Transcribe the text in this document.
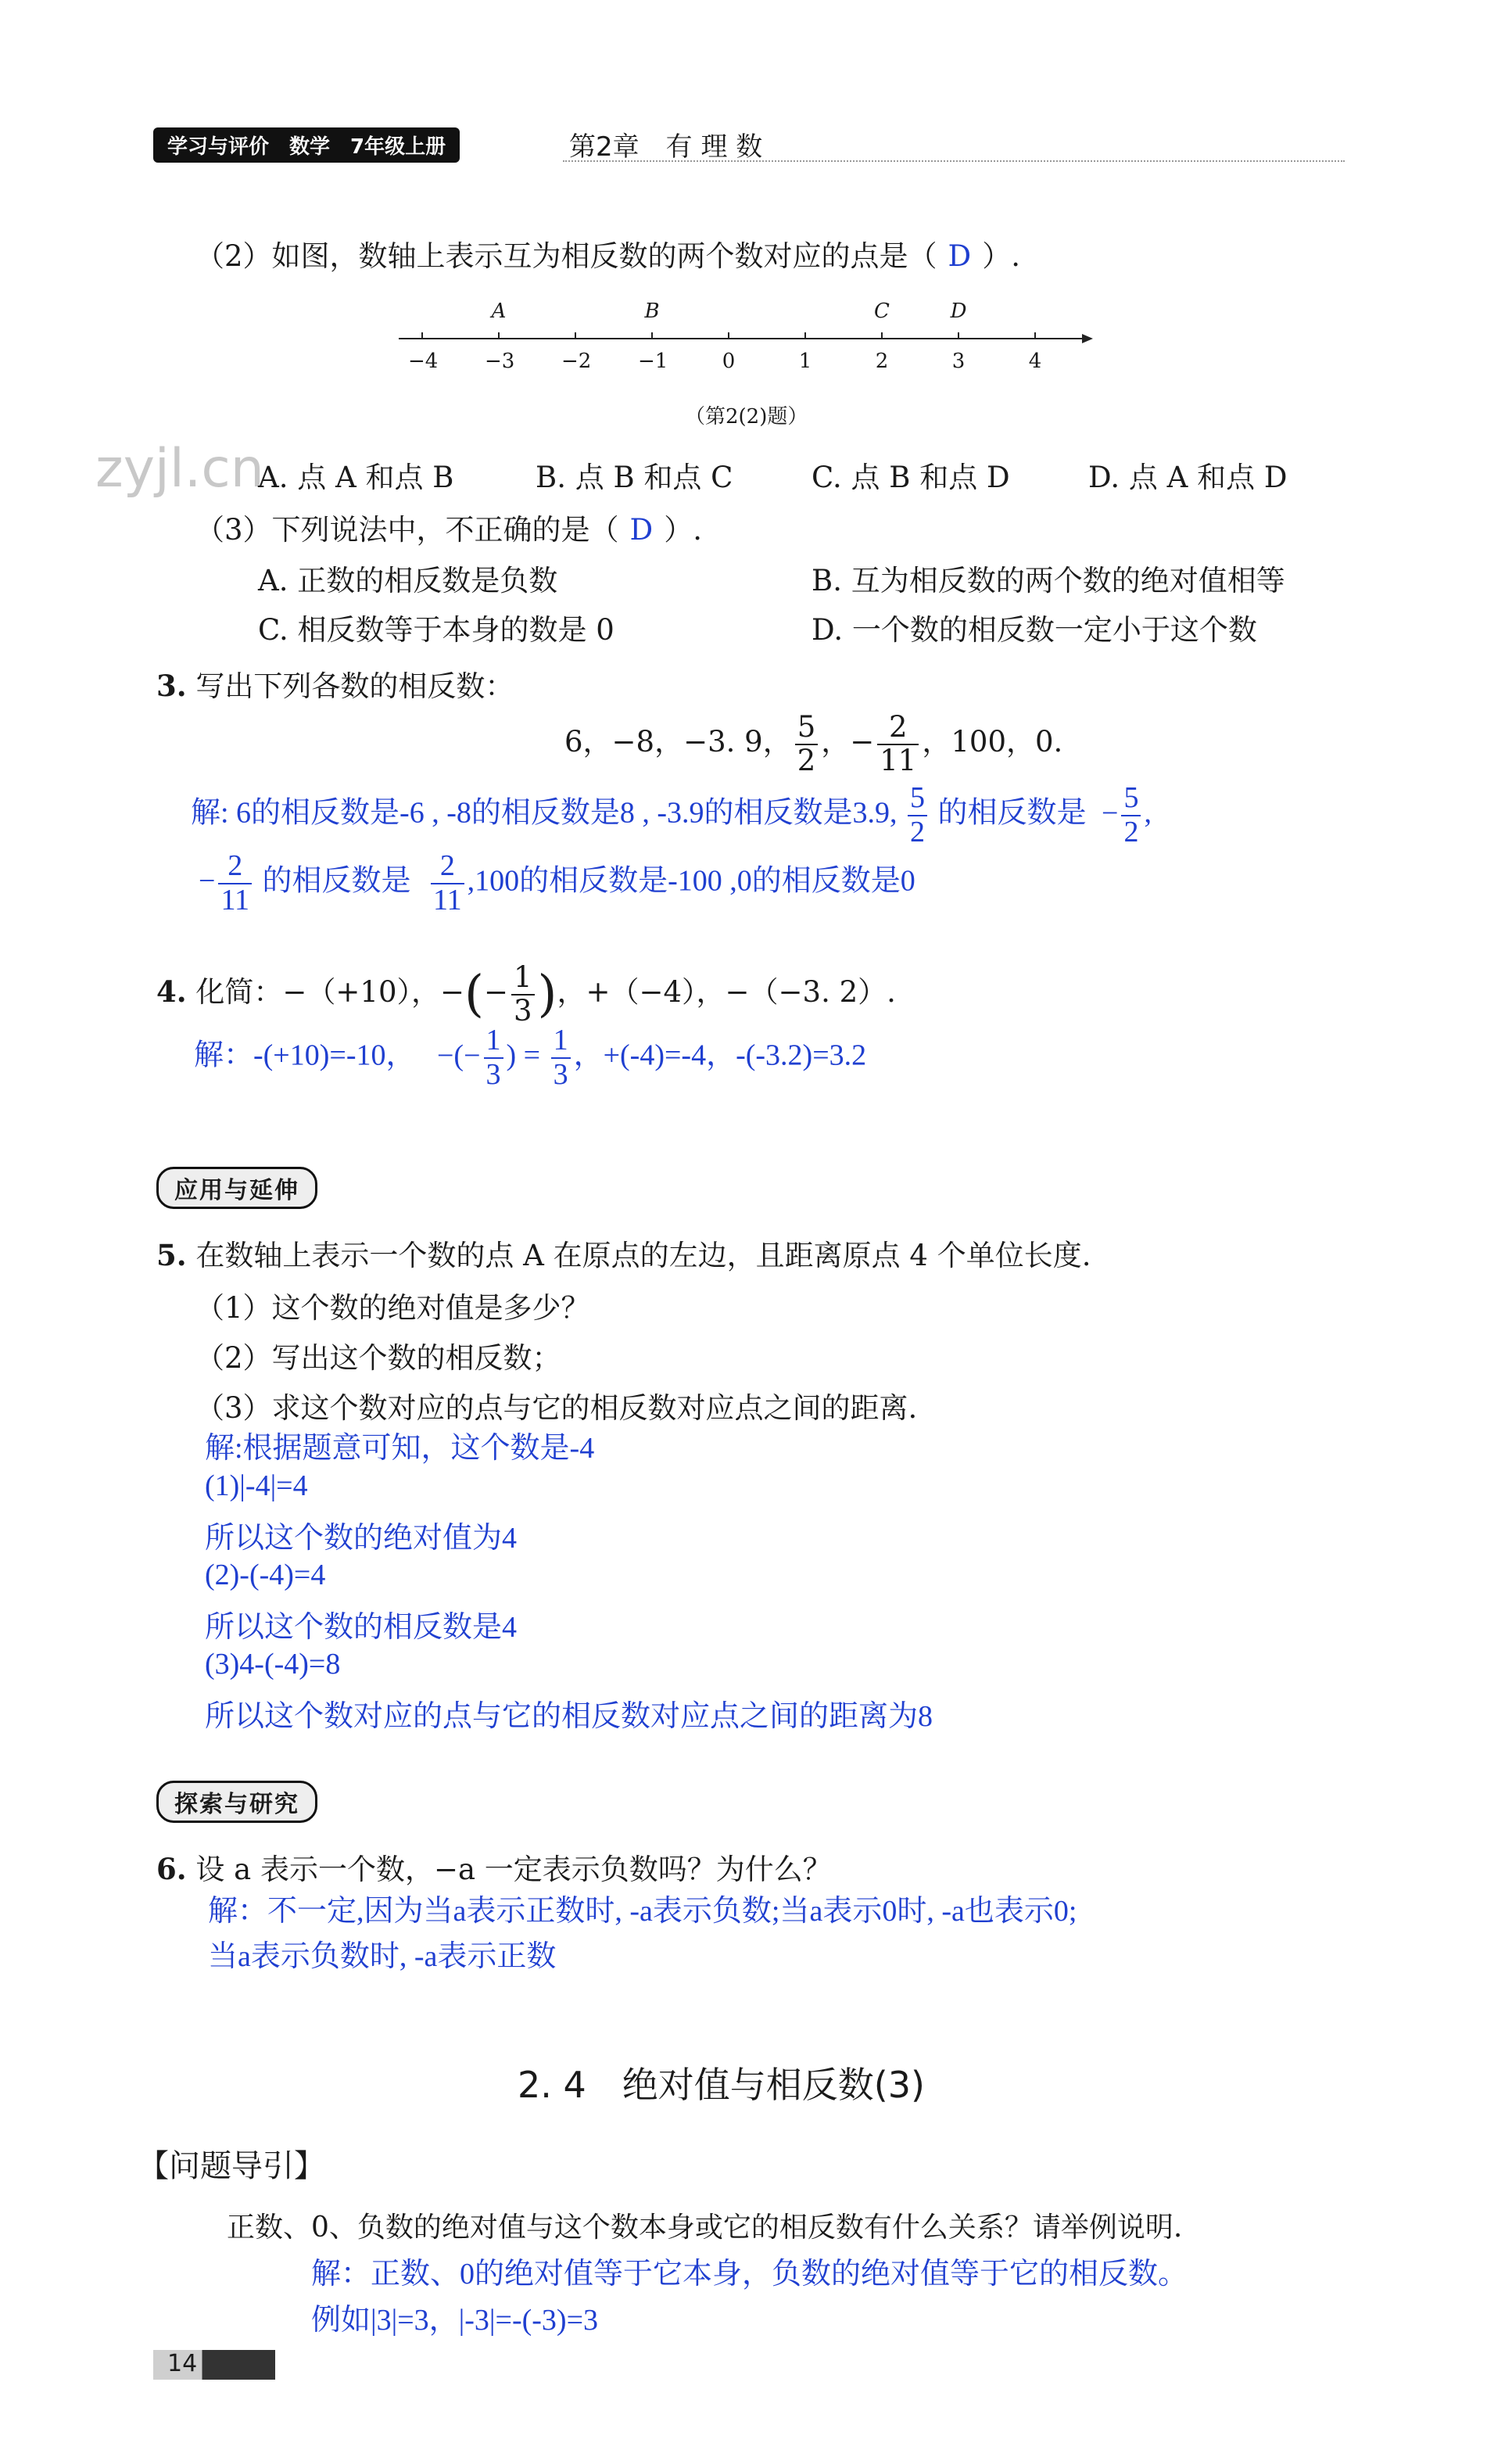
学习与评价　数学　7年级上册	第2章　有 理 数
zyjl.cn
（2）如图，数轴上表示互为相反数的两个数对应的点是（ D ）.
−4 −3 −2 −1	0	1	2	3	4
A	B	C	D
（第2(2)题）
A. 点 A 和点 B	B. 点 B 和点 C	C. 点 B 和点 D	D. 点 A 和点 D
（3）下列说法中，不正确的是（ D ）.
A. 正数的相反数是负数	B. 互为相反数的两个数的绝对值相等
C. 相反数等于本身的数是 0	D. 一个数的相反数一定小于这个数
3. 写出下列各数的相反数：
6，−8，−3. 9， $\frac{5}{2}$ ，− $\frac{2}{11}$ ，100，0.
解: 6的相反数是-6 , -8的相反数是8 , -3.9的相反数是3.9, $\frac{5}{2}$ 的相反数是 − $\frac{5}{2}$ ,
− $\frac{2}{11}$ 的相反数是 $\frac{2}{11} ,100$的相反数是-100 ,0的相反数是0
4. 化简：−（+10），−(− $\frac{1}{3}$ )，+（−4），−（−3. 2）.
解：-(+10)=-10， −(− $\frac{1}{3}$ ) = $\frac{1}{3}$ ，+(-4)=-4，-(-3.2)=3.2
应用与延伸
5. 在数轴上表示一个数的点 A 在原点的左边，且距离原点 4 个单位长度.
（1）这个数的绝对值是多少？
（2）写出这个数的相反数；
（3）求这个数对应的点与它的相反数对应点之间的距离.
解:根据题意可知，这个数是-4
(1)|-4|=4
所以这个数的绝对值为4
(2)-(-4)=4
所以这个数的相反数是4
(3)4-(-4)=8
所以这个数对应的点与它的相反数对应点之间的距离为8
探索与研究
6. 设 a 表示一个数，−a 一定表示负数吗？为什么？
解：不一定,因为当a表示正数时, -a表示负数;当a表示0时, -a也表示0;
当a表示负数时, -a表示正数
2. 4　绝对值与相反数(3)
【问题导引】
正数、0、负数的绝对值与这个数本身或它的相反数有什么关系？请举例说明.
解：正数、0的绝对值等于它本身，负数的绝对值等于它的相反数。
例如|3|=3，|-3|=-(-3)=3
14
